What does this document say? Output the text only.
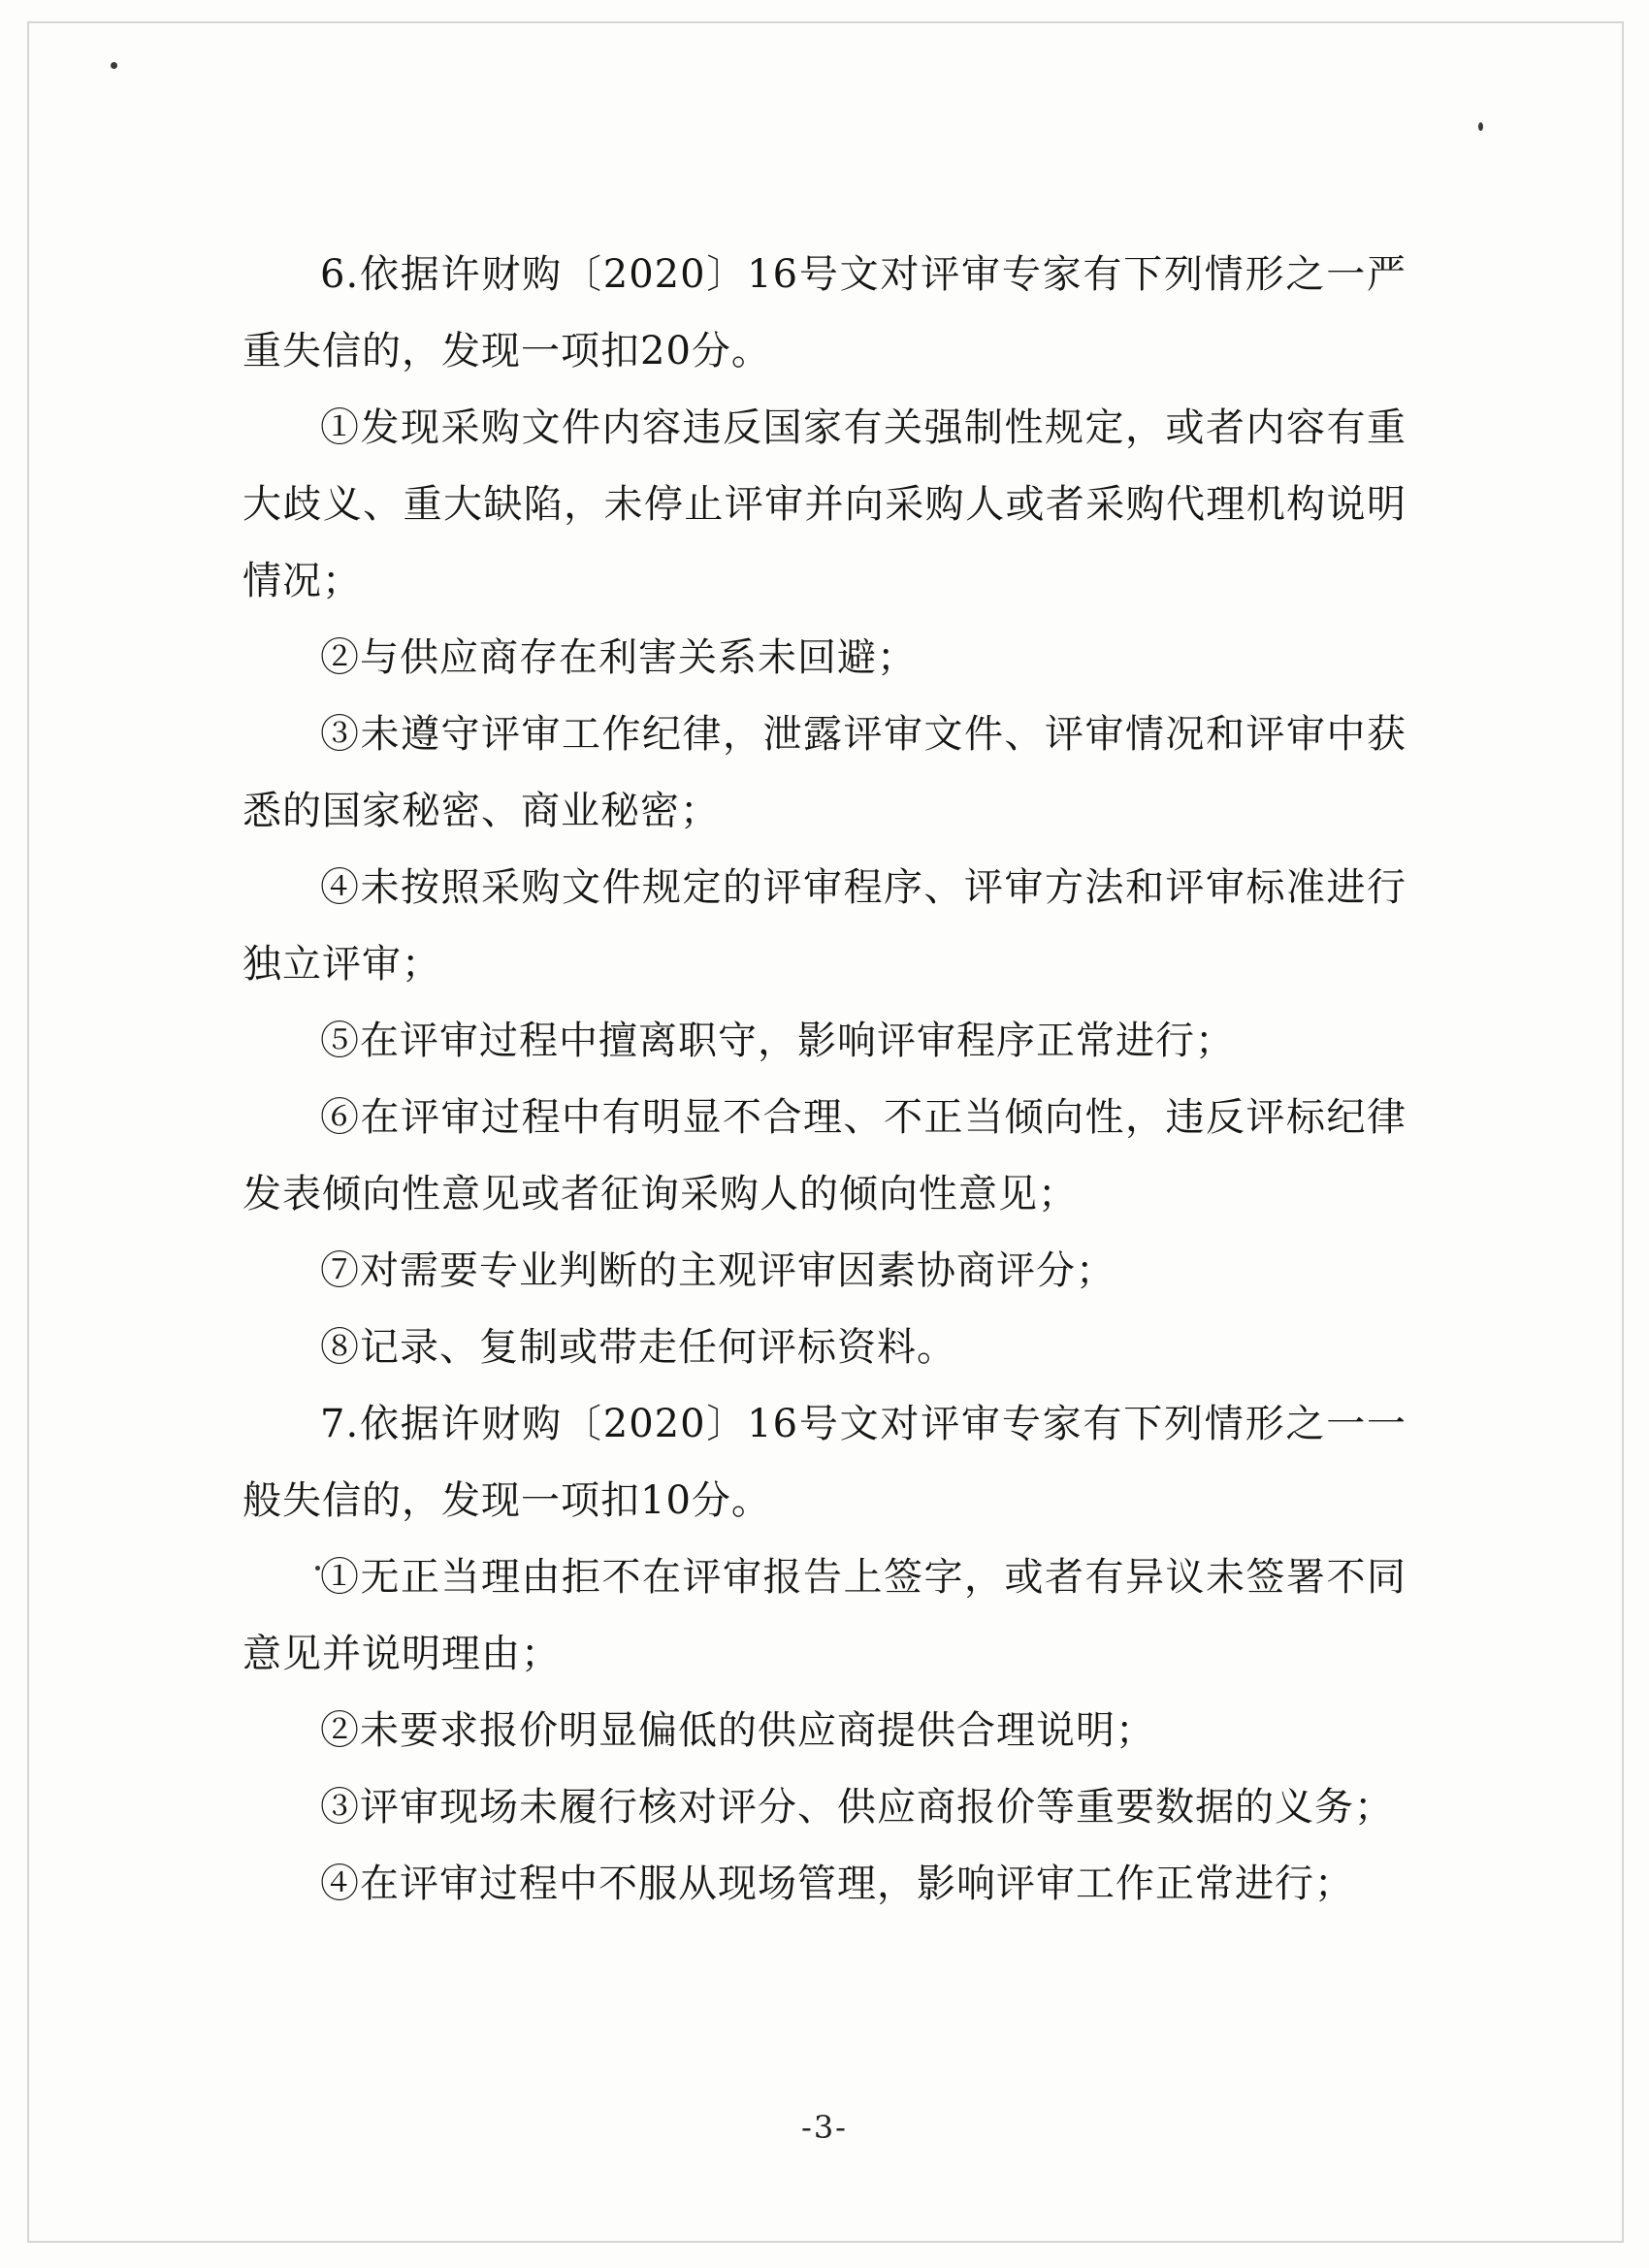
6.依据许财购〔2020〕16号文对评审专家有下列情形之一严重失信的，发现一项扣20分。

①发现采购文件内容违反国家有关强制性规定，或者内容有重大歧义、重大缺陷，未停止评审并向采购人或者采购代理机构说明情况；

②与供应商存在利害关系未回避；

③未遵守评审工作纪律，泄露评审文件、评审情况和评审中获悉的国家秘密、商业秘密；

④未按照采购文件规定的评审程序、评审方法和评审标准进行独立评审；

⑤在评审过程中擅离职守，影响评审程序正常进行；

⑥在评审过程中有明显不合理、不正当倾向性，违反评标纪律发表倾向性意见或者征询采购人的倾向性意见；

⑦对需要专业判断的主观评审因素协商评分；

⑧记录、复制或带走任何评标资料。

7.依据许财购〔2020〕16号文对评审专家有下列情形之一一般失信的，发现一项扣10分。

①无正当理由拒不在评审报告上签字，或者有异议未签署不同意见并说明理由；

②未要求报价明显偏低的供应商提供合理说明；

③评审现场未履行核对评分、供应商报价等重要数据的义务；

④在评审过程中不服从现场管理，影响评审工作正常进行；

-3-
